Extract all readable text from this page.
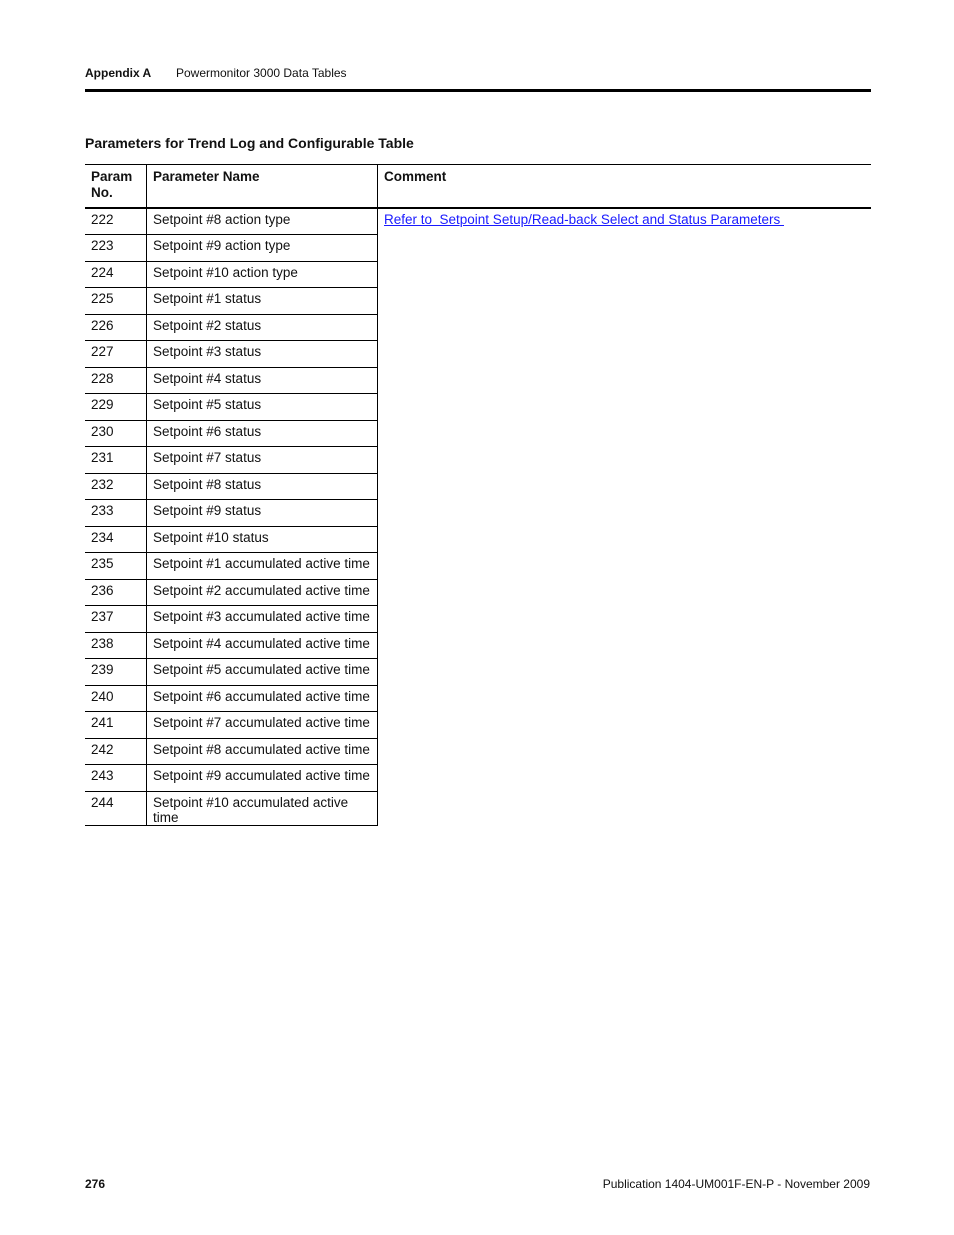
Appendix A Powermonitor 3000 Data Tables
Parameters for Trend Log and Configurable Table
Param No.	Parameter Name	Comment
222	Setpoint #8 action type	Refer to  Setpoint Setup/Read-back Select and Status Parameters
223	Setpoint #9 action type	
224	Setpoint #10 action type	
225	Setpoint #1 status	
226	Setpoint #2 status	
227	Setpoint #3 status	
228	Setpoint #4 status	
229	Setpoint #5 status	
230	Setpoint #6 status	
231	Setpoint #7 status	
232	Setpoint #8 status	
233	Setpoint #9 status	
234	Setpoint #10 status	
235	Setpoint #1 accumulated active time	
236	Setpoint #2 accumulated active time	
237	Setpoint #3 accumulated active time	
238	Setpoint #4 accumulated active time	
239	Setpoint #5 accumulated active time	
240	Setpoint #6 accumulated active time	
241	Setpoint #7 accumulated active time	
242	Setpoint #8 accumulated active time	
243	Setpoint #9 accumulated active time	
244	Setpoint #10 accumulated active time	
276	Publication 1404-UM001F-EN-P - November 2009
